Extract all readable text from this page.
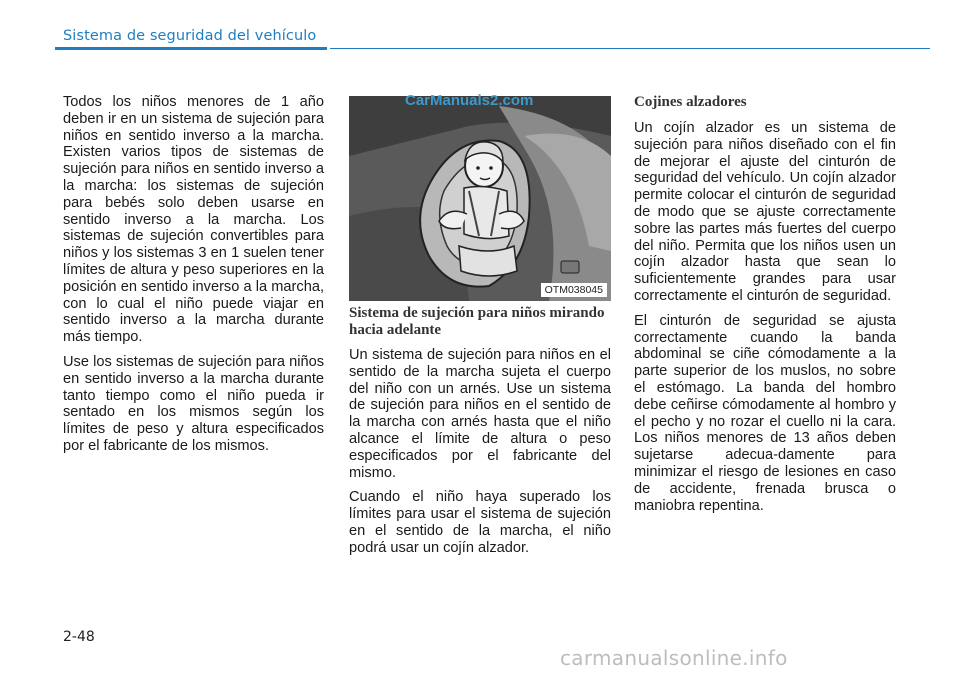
Sistema de seguridad del vehículo

Todos los niños menores de 1 año deben ir en un sistema de sujeción para niños en sentido inverso a la marcha. Existen varios tipos de sistemas de sujeción para niños en sentido inverso a la marcha: los sistemas de sujeción para bebés solo deben usarse en sentido inverso a la marcha. Los sistemas de sujeción convertibles para niños y los sistemas 3 en 1 suelen tener límites de altura y peso superiores en la posición en sentido inverso a la marcha, con lo cual el niño puede viajar en sentido inverso a la marcha durante más tiempo.

Use los sistemas de sujeción para niños en sentido inverso a la marcha durante tanto tiempo como el niño pueda ir sentado en los mismos según los límites de peso y altura especificados por el fabricante de los mismos.

OTM038045
CarManuals2.com

Sistema de sujeción para niños mirando hacia adelante

Un sistema de sujeción para niños en el sentido de la marcha sujeta el cuerpo del niño con un arnés. Use un sistema de sujeción para niños en el sentido de la marcha con arnés hasta que el niño alcance el límite de altura o peso especificados por el fabricante del mismo.

Cuando el niño haya superado los límites para usar el sistema de sujeción en el sentido de la marcha, el niño podrá usar un cojín alzador.

Cojines alzadores

Un cojín alzador es un sistema de sujeción para niños diseñado con el fin de mejorar el ajuste del cinturón de seguridad del vehículo. Un cojín alzador permite colocar el cinturón de seguridad de modo que se ajuste correctamente sobre las partes más fuertes del cuerpo del niño. Permita que los niños usen un cojín alzador hasta que sean lo suficientemente grandes para usar correctamente el cinturón de seguridad.

El cinturón de seguridad se ajusta correctamente cuando la banda abdominal se ciñe cómodamente a la parte superior de los muslos, no sobre el estómago. La banda del hombro debe ceñirse cómodamente al hombro y el pecho y no rozar el cuello ni la cara. Los niños menores de 13 años deben sujetarse adecua-damente para minimizar el riesgo de lesiones en caso de accidente, frenada brusca o maniobra repentina.

2-48
carmanualsonline.info
